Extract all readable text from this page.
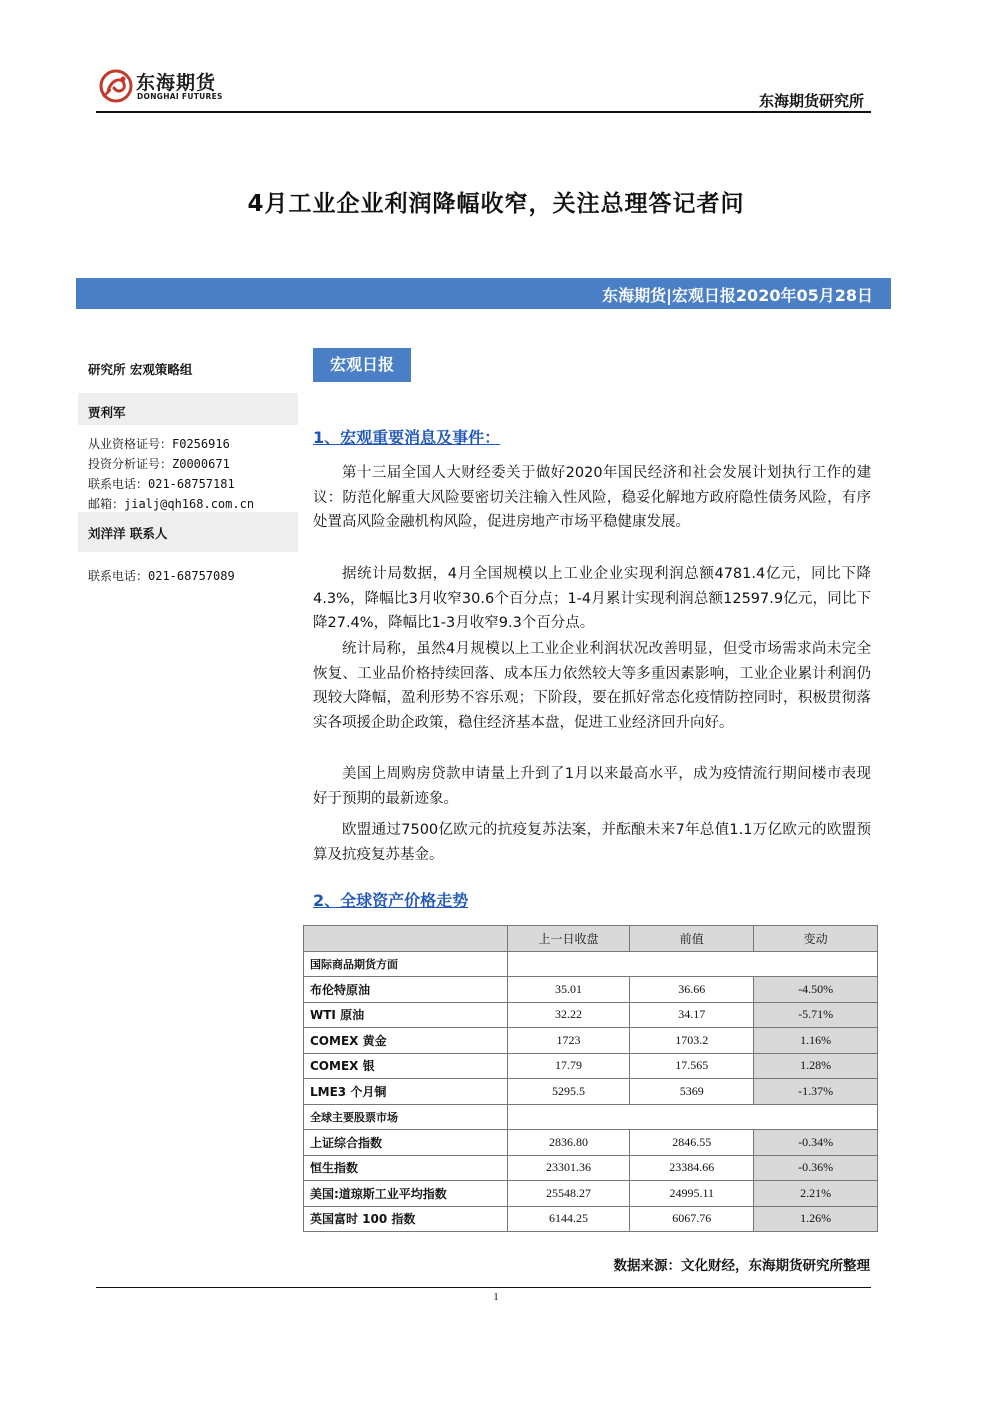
东海期货
DONGHAI FUTURES	东海期货研究所
4月工业企业利润降幅收窄，关注总理答记者问
东海期货|宏观日报2020年05月28日
研究所 宏观策略组
贾利军
从业资格证号：F0256916
投资分析证号：Z0000671
联系电话：021-68757181
邮箱：jialj@qh168.com.cn
刘洋洋 联系人
联系电话：021-68757089
宏观日报
1、宏观重要消息及事件：
第十三届全国人大财经委关于做好2020年国民经济和社会发展计划执行工作的建议：防范化解重大风险要密切关注输入性风险，稳妥化解地方政府隐性债务风险，有序处置高风险金融机构风险，促进房地产市场平稳健康发展。
据统计局数据，4月全国规模以上工业企业实现利润总额4781.4亿元，同比下降4.3%，降幅比3月收窄30.6个百分点；1-4月累计实现利润总额12597.9亿元，同比下降27.4%，降幅比1-3月收窄9.3个百分点。
统计局称，虽然4月规模以上工业企业利润状况改善明显，但受市场需求尚未完全恢复、工业品价格持续回落、成本压力依然较大等多重因素影响，工业企业累计利润仍现较大降幅，盈利形势不容乐观；下阶段，要在抓好常态化疫情防控同时，积极贯彻落实各项援企助企政策，稳住经济基本盘，促进工业经济回升向好。
美国上周购房贷款申请量上升到了1月以来最高水平，成为疫情流行期间楼市表现好于预期的最新迹象。
欧盟通过7500亿欧元的抗疫复苏法案，并酝酿未来7年总值1.1万亿欧元的欧盟预算及抗疫复苏基金。
2、全球资产价格走势
	上一日收盘	前值	变动
国际商品期货方面			
布伦特原油	35.01	36.66	-4.50%
WTI 原油	32.22	34.17	-5.71%
COMEX 黄金	1723	1703.2	1.16%
COMEX 银	17.79	17.565	1.28%
LME3 个月铜	5295.5	5369	-1.37%
全球主要股票市场			
上证综合指数	2836.80	2846.55	-0.34%
恒生指数	23301.36	23384.66	-0.36%
美国:道琼斯工业平均指数	25548.27	24995.11	2.21%
英国富时 100 指数	6144.25	6067.76	1.26%
数据来源：文化财经，东海期货研究所整理
1
